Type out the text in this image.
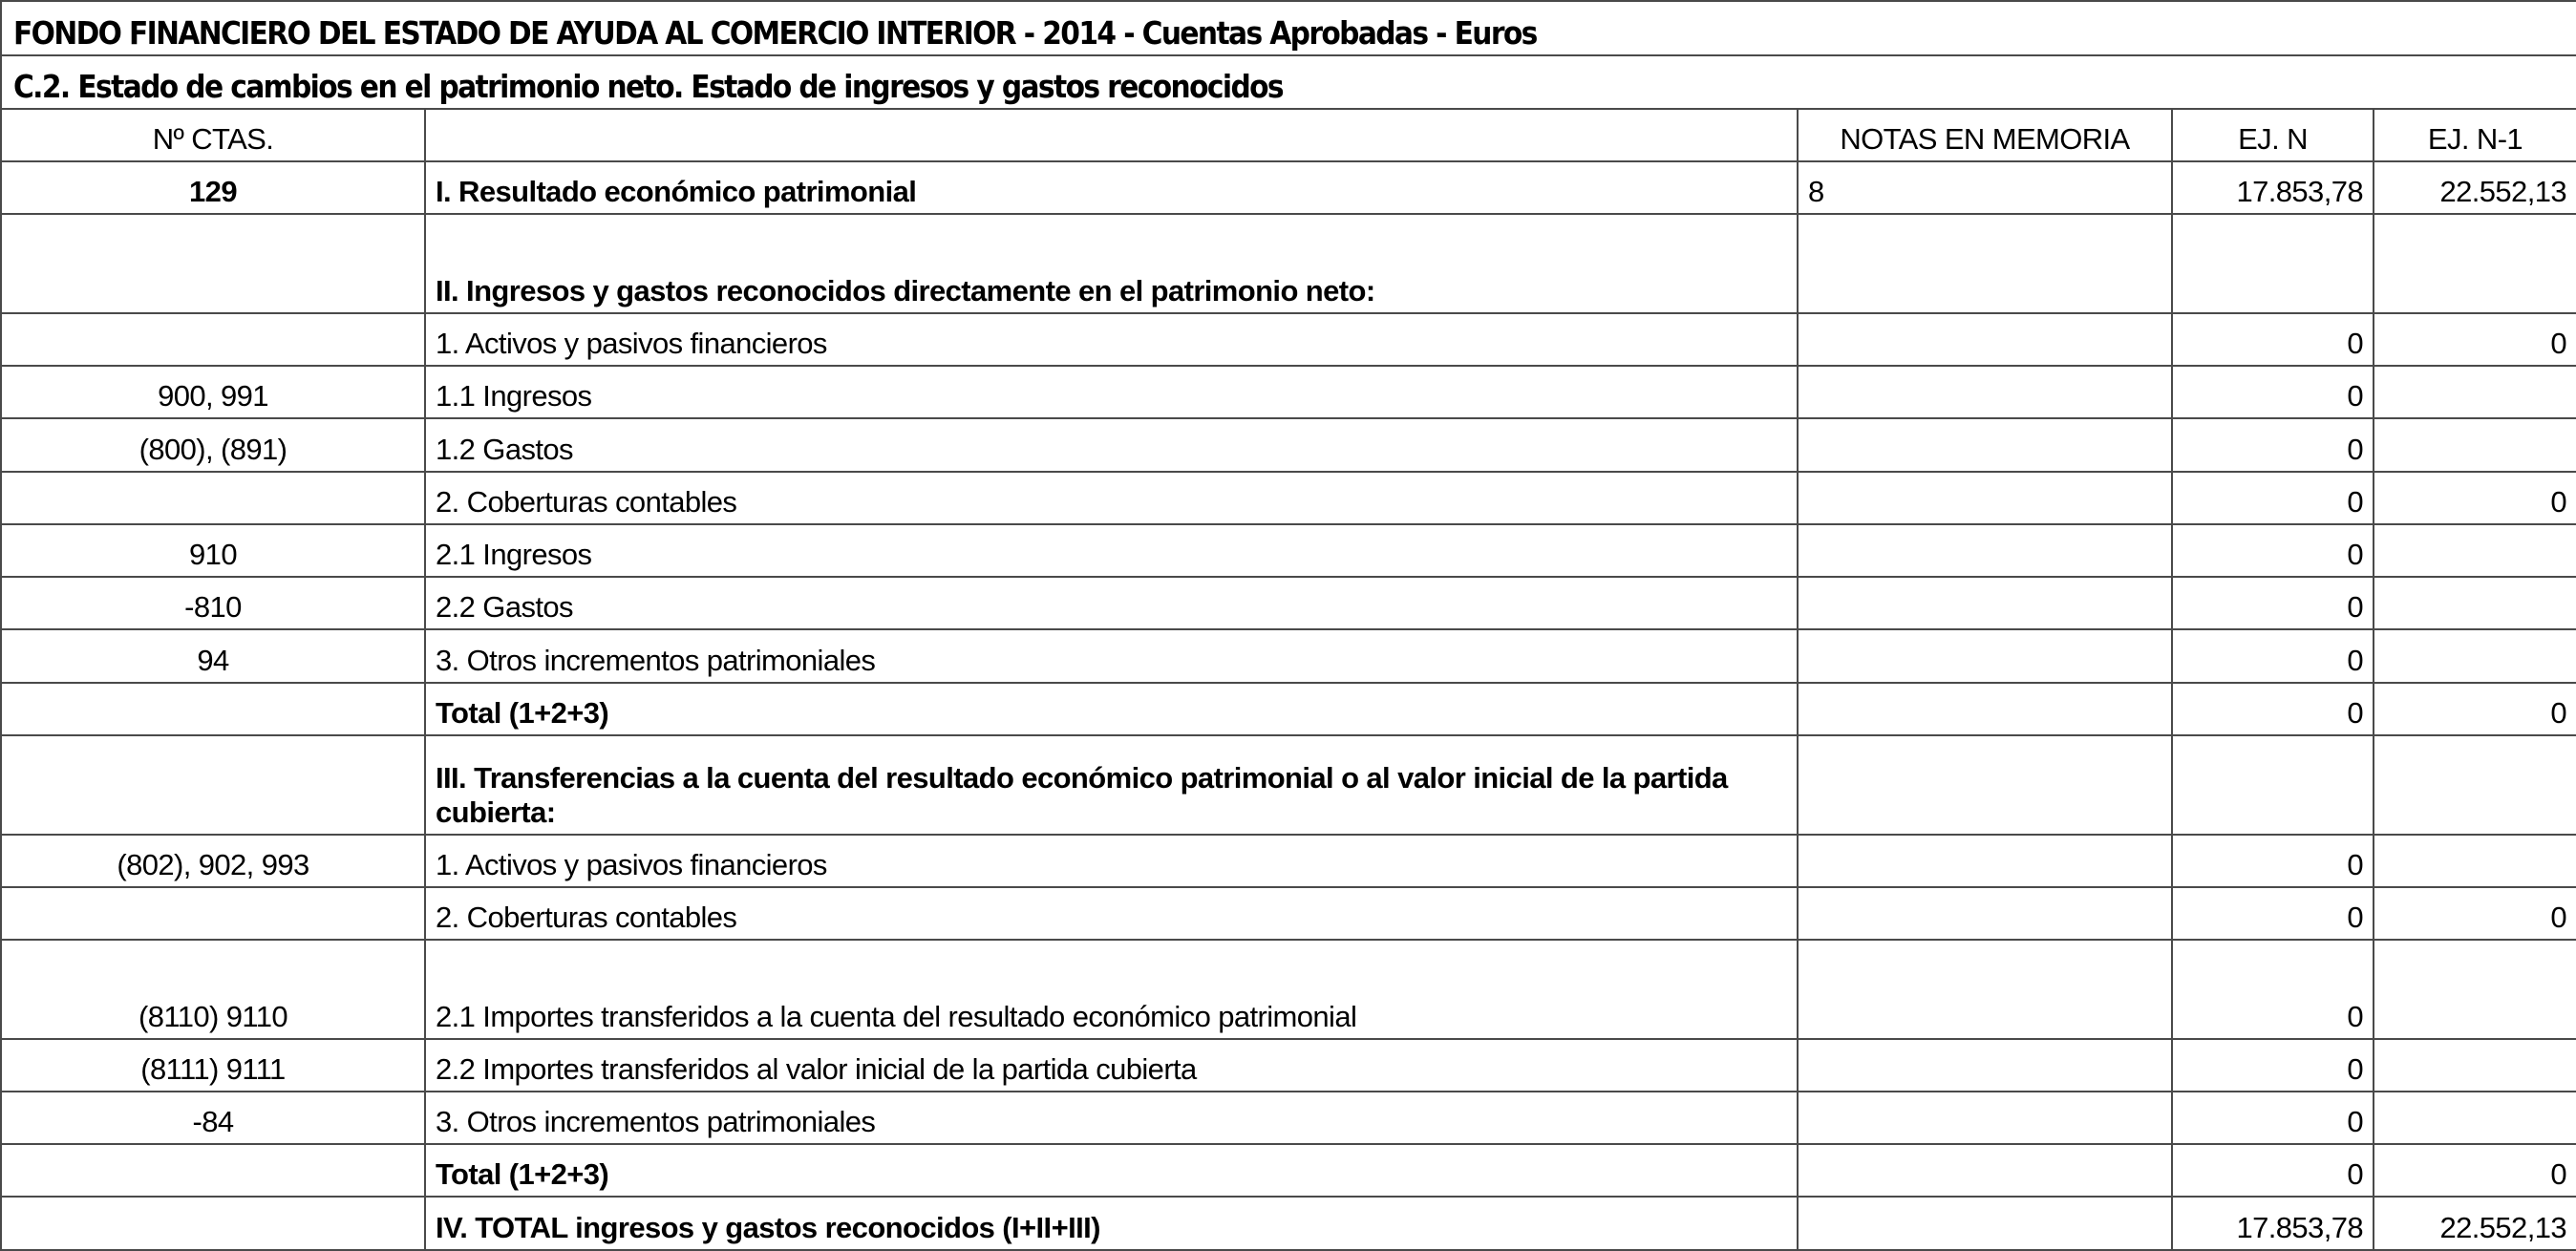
FONDO FINANCIERO DEL ESTADO DE AYUDA AL COMERCIO INTERIOR - 2014 - Cuentas Aprobadas - Euros				
C.2. Estado de cambios en el patrimonio neto. Estado de ingresos y gastos reconocidos				
Nº CTAS.		NOTAS EN MEMORIA	EJ. N	EJ. N-1
129	I. Resultado económico patrimonial	8	17.853,78	22.552,13
	II. Ingresos y gastos reconocidos directamente en el patrimonio neto:			
	1. Activos y pasivos financieros		0	0
900, 991	1.1 Ingresos		0	
(800), (891)	1.2 Gastos		0	
	2. Coberturas contables		0	0
910	2.1 Ingresos		0	
-810	2.2 Gastos		0	
94	3. Otros incrementos patrimoniales		0	
	Total (1+2+3)		0	0
	III. Transferencias a la cuenta del resultado económico patrimonial o al valor inicial de la partida cubierta:			
(802), 902, 993	1. Activos y pasivos financieros		0	
	2. Coberturas contables		0	0
(8110) 9110	2.1 Importes transferidos a la cuenta del resultado económico patrimonial		0	
(8111) 9111	2.2 Importes transferidos al valor inicial de la partida cubierta		0	
-84	3. Otros incrementos patrimoniales		0	
	Total (1+2+3)		0	0
	IV. TOTAL ingresos y gastos reconocidos (I+II+III)		17.853,78	22.552,13
